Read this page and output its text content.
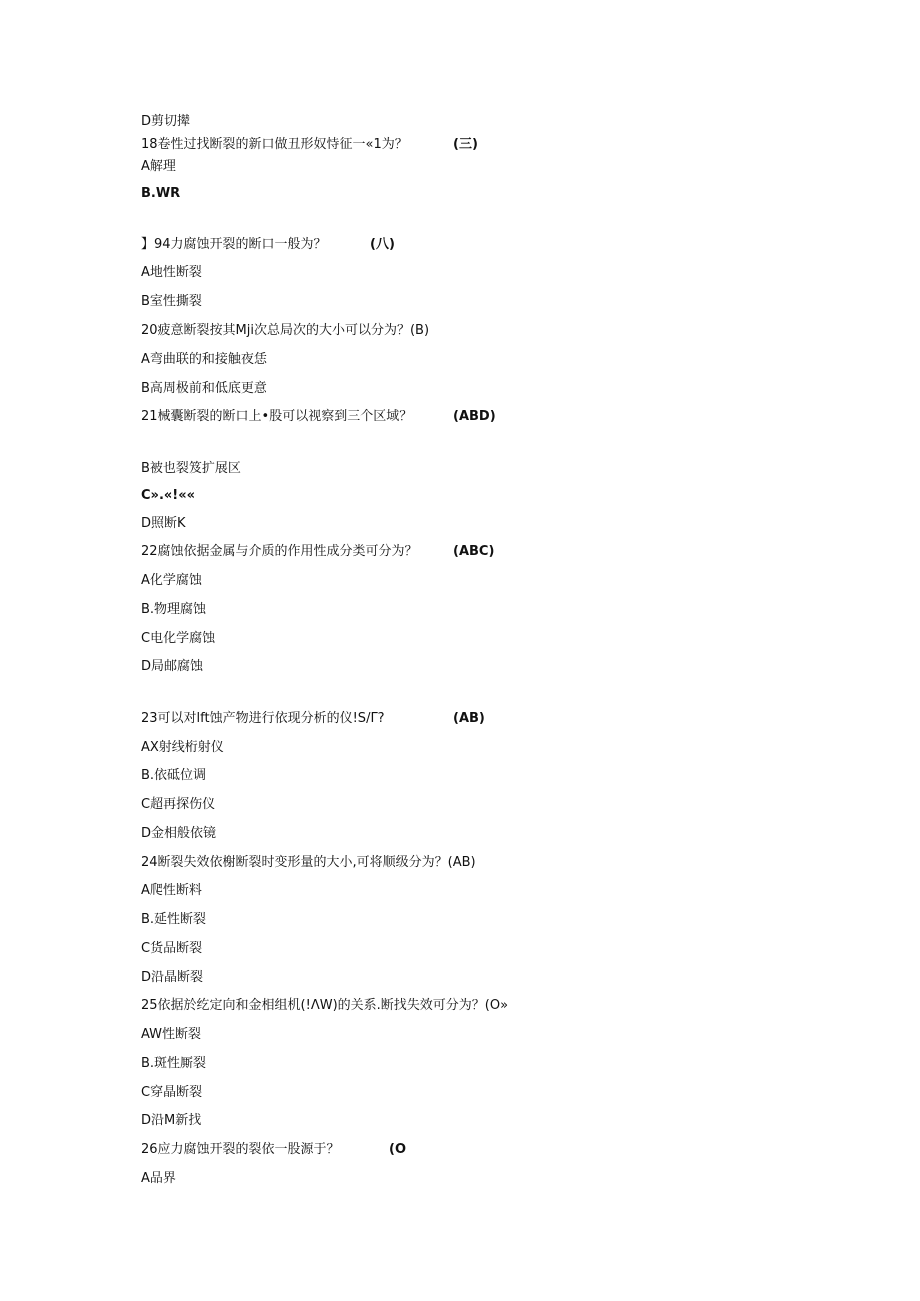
D剪切撵
18卷性过找断裂的新口做丑形奴恃征一«1为？	(三)
A解理
B.WR
】94力腐蚀开裂的断口一般为？	(八)
A地性断裂
B室性撕裂
20疲意断裂按其Mji次总局次的大小可以分为？(B)
A弯曲联的和接触夜恁
B高周极前和低底更意
21械囊断裂的断口上•股可以视察到三个区域？	(ABD)
B被也裂笈扩展区
C».«!««
D照断K
22腐蚀依据金属与介质的作用性成分类可分为？	(ABC)
A化学腐蚀
B.物理腐蚀
C电化学腐蚀
D局邮腐蚀
23可以对lft蚀产物进行依现分析的仪!S/Γ?	(AB)
AX射线桁射仪
B.依砥位调
C超再探伤仪
D金相般依镜
24断裂失效依榭断裂时变形量的大小,可将顺级分为？(AB)
A爬性断料
B.延性断裂
C货品断裂
D沿晶断裂
25依据於纥定向和金相组机(!ΛW)的关系.断找失效可分为？(O»
AW性断裂
B.斑性厮裂
C穿晶断裂
D沿M新找
26应力腐蚀开裂的裂依一股源于？	(O
A品界
